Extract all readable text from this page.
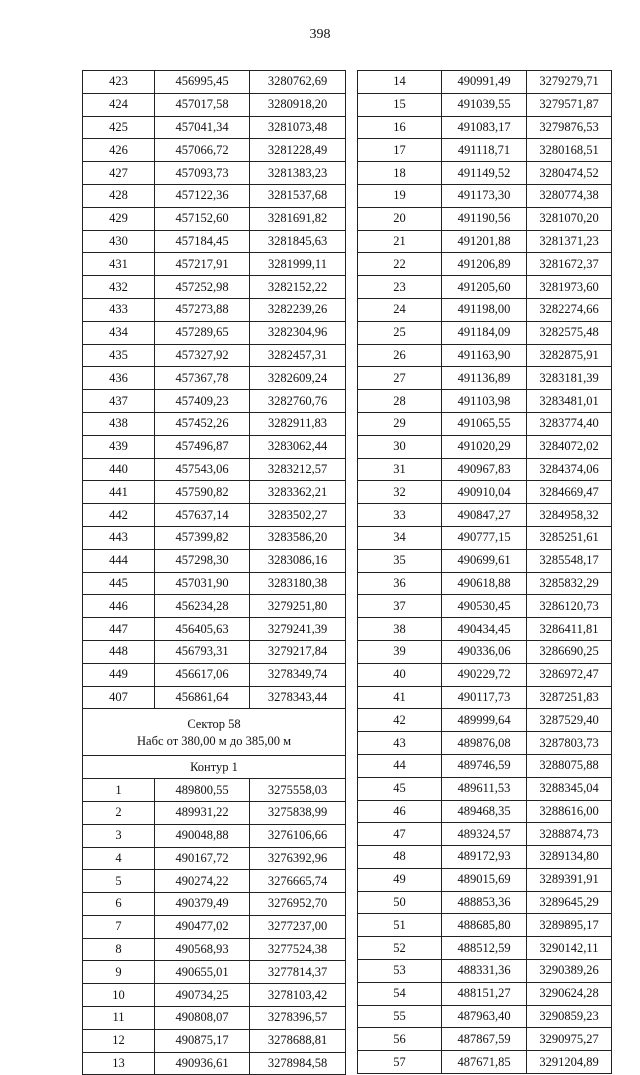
398
423	456995,45	3280762,69
424	457017,58	3280918,20
425	457041,34	3281073,48
426	457066,72	3281228,49
427	457093,73	3281383,23
428	457122,36	3281537,68
429	457152,60	3281691,82
430	457184,45	3281845,63
431	457217,91	3281999,11
432	457252,98	3282152,22
433	457273,88	3282239,26
434	457289,65	3282304,96
435	457327,92	3282457,31
436	457367,78	3282609,24
437	457409,23	3282760,76
438	457452,26	3282911,83
439	457496,87	3283062,44
440	457543,06	3283212,57
441	457590,82	3283362,21
442	457637,14	3283502,27
443	457399,82	3283586,20
444	457298,30	3283086,16
445	457031,90	3283180,38
446	456234,28	3279251,80
447	456405,63	3279241,39
448	456793,31	3279217,84
449	456617,06	3278349,74
407	456861,64	3278343,44

Сектор 58
Набс от 380,00 м до 385,00 м		

Контур 1		
1	489800,55	3275558,03
2	489931,22	3275838,99
3	490048,88	3276106,66
4	490167,72	3276392,96
5	490274,22	3276665,74
6	490379,49	3276952,70
7	490477,02	3277237,00
8	490568,93	3277524,38
9	490655,01	3277814,37
10	490734,25	3278103,42
11	490808,07	3278396,57
12	490875,17	3278688,81
13	490936,61	3278984,58
14	490991,49	3279279,71
15	491039,55	3279571,87
16	491083,17	3279876,53
17	491118,71	3280168,51
18	491149,52	3280474,52
19	491173,30	3280774,38
20	491190,56	3281070,20
21	491201,88	3281371,23
22	491206,89	3281672,37
23	491205,60	3281973,60
24	491198,00	3282274,66
25	491184,09	3282575,48
26	491163,90	3282875,91
27	491136,89	3283181,39
28	491103,98	3283481,01
29	491065,55	3283774,40
30	491020,29	3284072,02
31	490967,83	3284374,06
32	490910,04	3284669,47
33	490847,27	3284958,32
34	490777,15	3285251,61
35	490699,61	3285548,17
36	490618,88	3285832,29
37	490530,45	3286120,73
38	490434,45	3286411,81
39	490336,06	3286690,25
40	490229,72	3286972,47
41	490117,73	3287251,83
42	489999,64	3287529,40
43	489876,08	3287803,73
44	489746,59	3288075,88
45	489611,53	3288345,04
46	489468,35	3288616,00
47	489324,57	3288874,73
48	489172,93	3289134,80
49	489015,69	3289391,91
50	488853,36	3289645,29
51	488685,80	3289895,17
52	488512,59	3290142,11
53	488331,36	3290389,26
54	488151,27	3290624,28
55	487963,40	3290859,23
56	487867,59	3290975,27
57	487671,85	3291204,89
